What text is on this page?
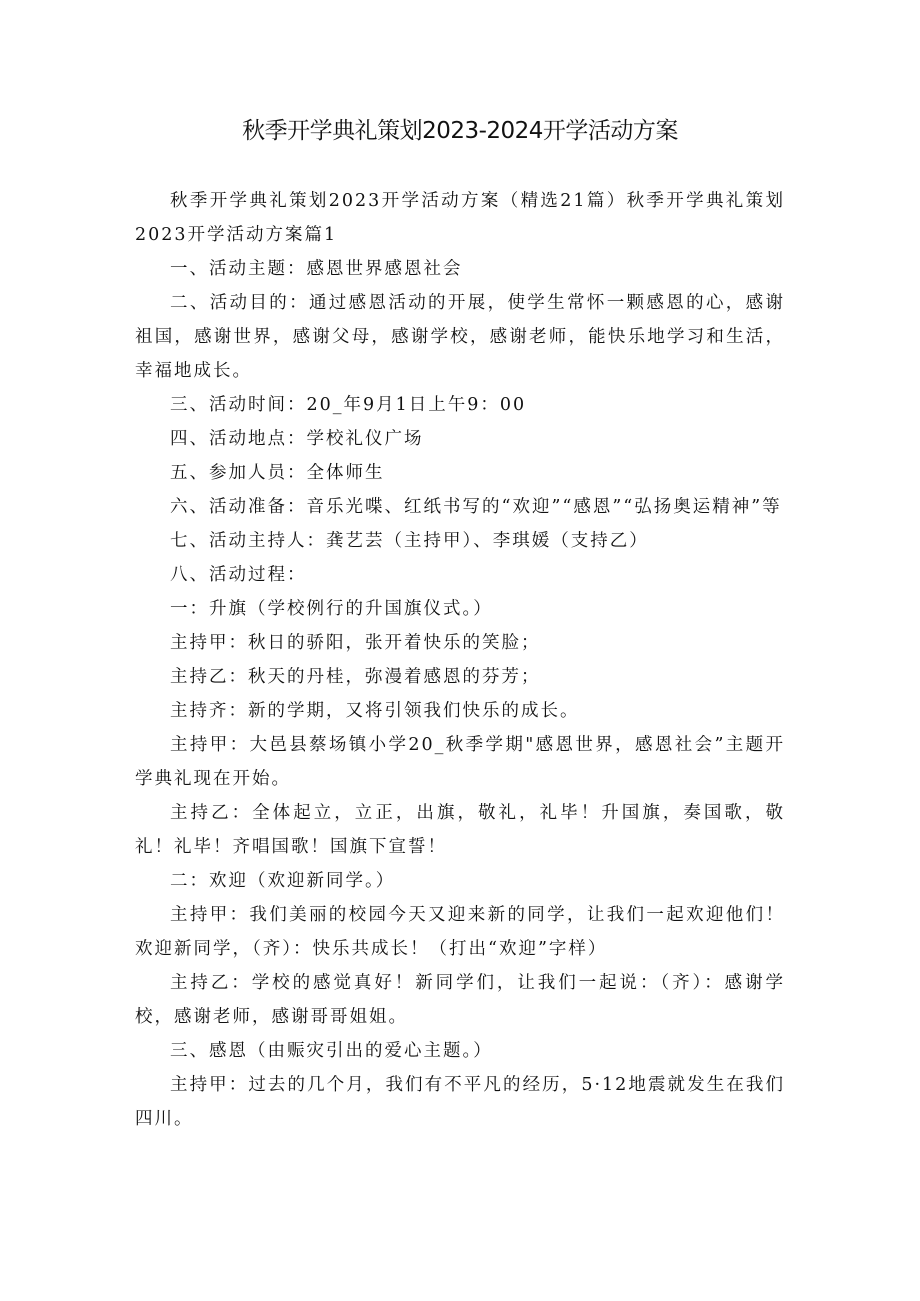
秋季开学典礼策划2023-2024开学活动方案

秋季开学典礼策划2023开学活动方案（精选21篇）秋季开学典礼策划2023开学活动方案篇1

一、活动主题：感恩世界感恩社会

二、活动目的：通过感恩活动的开展，使学生常怀一颗感恩的心，感谢祖国，感谢世界，感谢父母，感谢学校，感谢老师，能快乐地学习和生活，幸福地成长。

三、活动时间：20_年9月1日上午9：00

四、活动地点：学校礼仪广场

五、参加人员：全体师生

六、活动准备：音乐光喋、红纸书写的“欢迎”“感恩”“弘扬奥运精神”等

七、活动主持人：龚艺芸（主持甲）、李琪媛（支持乙）

八、活动过程：

一：升旗（学校例行的升国旗仪式。）

主持甲：秋日的骄阳，张开着快乐的笑脸；

主持乙：秋天的丹桂，弥漫着感恩的芬芳；

主持齐：新的学期，又将引领我们快乐的成长。

主持甲：大邑县蔡场镇小学20_秋季学期"感恩世界，感恩社会”主题开学典礼现在开始。

主持乙：全体起立，立正，出旗，敬礼，礼毕！升国旗，奏国歌，敬礼！礼毕！齐唱国歌！国旗下宣誓！

二：欢迎（欢迎新同学。）

主持甲：我们美丽的校园今天又迎来新的同学，让我们一起欢迎他们！欢迎新同学，（齐）：快乐共成长！（打出“欢迎”字样）

主持乙：学校的感觉真好！新同学们，让我们一起说：（齐）：感谢学校，感谢老师，感谢哥哥姐姐。

三、感恩（由赈灾引出的爱心主题。）

主持甲：过去的几个月，我们有不平凡的经历，5·12地震就发生在我们四川。
